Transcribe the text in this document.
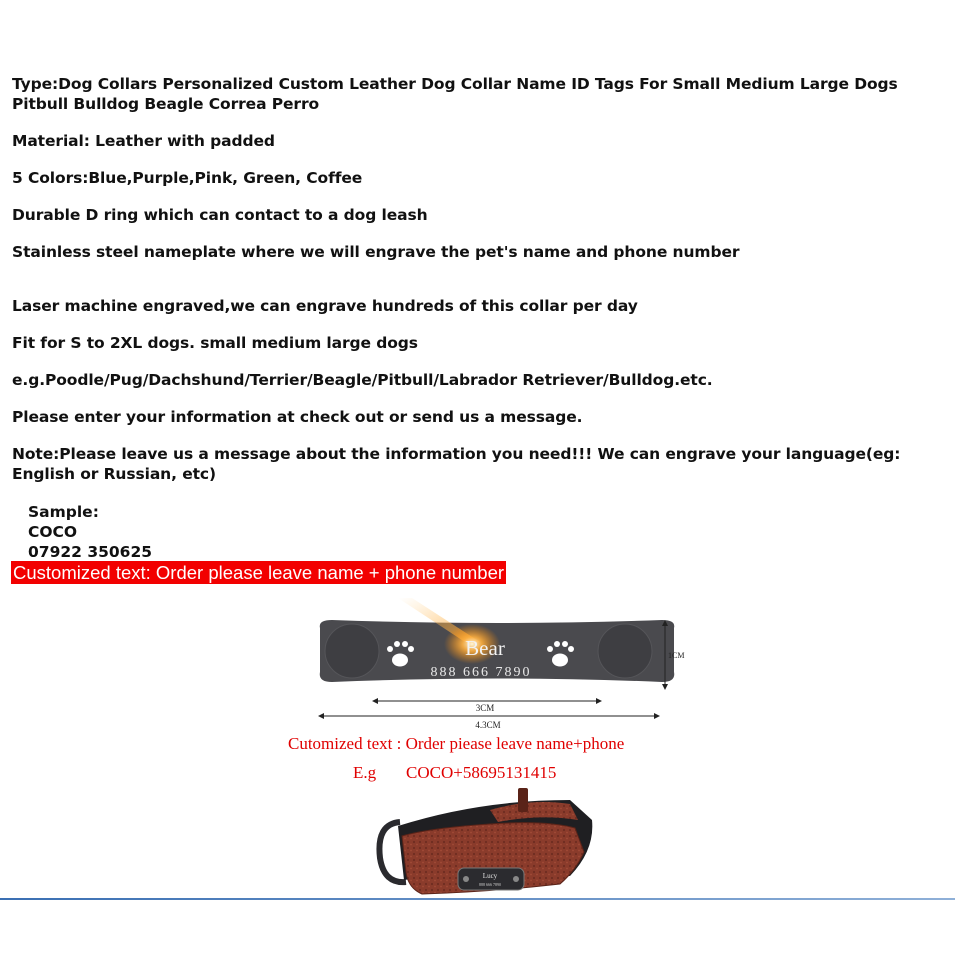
Type:Dog Collars Personalized Custom Leather Dog Collar Name ID Tags For Small Medium Large Dogs Pitbull Bulldog Beagle Correa Perro
Material: Leather with padded
5 Colors:Blue,Purple,Pink, Green, Coffee
Durable D ring which can contact to a dog leash
Stainless steel nameplate where we will engrave the pet's name and phone number
Laser machine engraved,we can engrave hundreds of this collar per day
Fit for S to 2XL dogs. small medium large dogs
e.g.Poodle/Pug/Dachshund/Terrier/Beagle/Pitbull/Labrador Retriever/Bulldog.etc.
Please enter your information at check out or send us a message.
Note:Please leave us a message about the information you need!!! We can engrave your language(eg: English or Russian, etc)
Sample:
COCO
07922 350625
Customized text: Order please leave name + phone number
Bear
888 666 7890
1CM
3CM
4.3CM
Cutomized text : Order piease leave name+phone
E.g COCO+58695131415
Lucy
888 666 7890
